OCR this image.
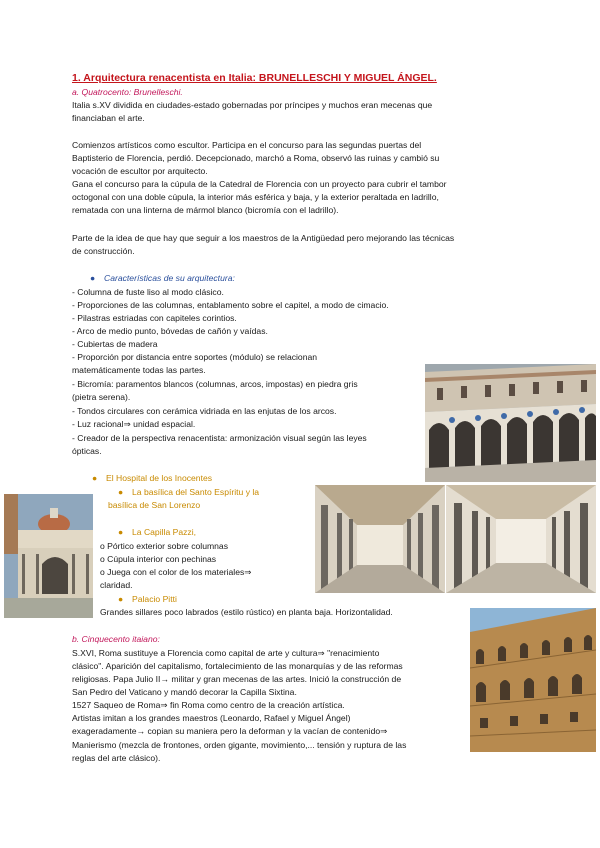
1. Arquitectura renacentista en Italia: BRUNELLESCHI Y MIGUEL ÁNGEL.
a. Quatrocento: Brunelleschi.
Italia s.XV dividida en ciudades-estado gobernadas por príncipes y muchos eran mecenas que
financiaban el arte.
Comienzos artísticos como escultor. Participa en el concurso para las segundas puertas del
Baptisterio de Florencia, perdió. Decepcionado, marchó a Roma, observó las ruinas y cambió su
vocación de escultor por arquitecto.
Gana el concurso para la cúpula de la Catedral de Florencia con un proyecto para cubrir el tambor
octogonal con una doble cúpula, la interior más esférica y baja, y la exterior peraltada en ladrillo,
rematada con una linterna de mármol blanco (bicromía con el ladrillo).
Parte de la idea de que hay que seguir a los maestros de la Antigüedad pero mejorando las técnicas
de construcción.
● Características de su arquitectura:
- Columna de fuste liso al modo clásico.
- Proporciones de las columnas, entablamento sobre el capitel, a modo de cimacio.
- Pilastras estriadas con capiteles corintios.
- Arco de medio punto, bóvedas de cañón y vaídas.
- Cubiertas de madera
- Proporción por distancia entre soportes (módulo) se relacionan
matemáticamente todas las partes.
- Bicromía: paramentos blancos (columnas, arcos, impostas) en piedra gris
(pietra serena).
- Tondos circulares con cerámica vidriada en las enjutas de los arcos.
- Luz racional⇒ unidad espacial.
- Creador de la perspectiva renacentista: armonización visual según las leyes
ópticas.
● El Hospital de los Inocentes
● La basílica del Santo Espíritu y la
basílica de San Lorenzo
● La Capilla Pazzi,
o Pórtico exterior sobre columnas
o Cúpula interior con pechinas
o Juega con el color de los materiales⇒
claridad.
● Palacio Pitti
Grandes sillares poco labrados (estilo rústico) en planta baja. Horizontalidad.
b. Cinquecento itaiano:
S.XVI, Roma sustituye a Florencia como capital de arte y cultura⇒ "renacimiento
clásico". Aparición del capitalismo, fortalecimiento de las monarquías y de las reformas
religiosas. Papa Julio II→ militar y gran mecenas de las artes. Inició la construcción de
San Pedro del Vaticano y mandó decorar la Capilla Sixtina.
1527 Saqueo de Roma⇒ fin Roma como centro de la creación artística.
Artistas imitan a los grandes maestros (Leonardo, Rafael y Miguel Ángel)
exageradamente→ copian su maniera pero la deforman y la vacían de contenido⇒
Manierismo (mezcla de frontones, orden gigante, movimiento,... tensión y ruptura de las
reglas del arte clásico).
